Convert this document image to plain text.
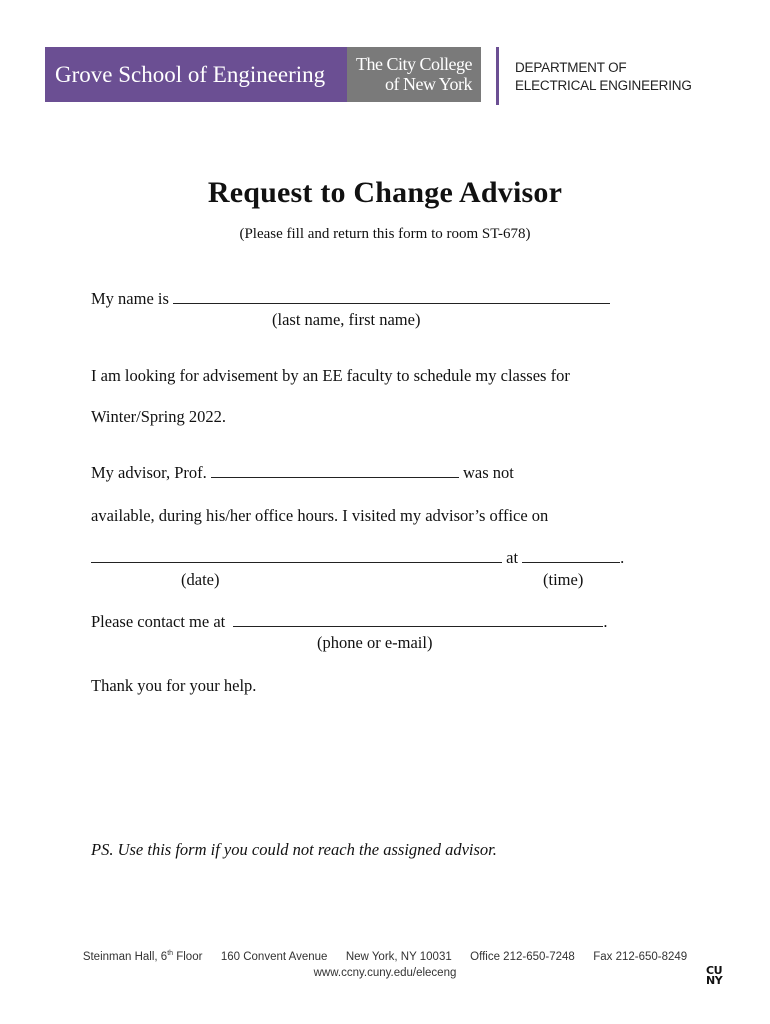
Grove School of Engineering	The City College
of New York
DEPARTMENT OF
ELECTRICAL ENGINEERING
Request to Change Advisor
(Please fill and return this form to room ST-678)
My name is
(last name, first name)
I am looking for advisement by an EE faculty to schedule my classes for
Winter/Spring 2022.
My advisor, Prof.	was not
available, during his/her office hours. I visited my advisor’s office on
at	.
(date)	(time)
Please contact me at	.
(phone or e-mail)
Thank you for your help.
PS. Use this form if you could not reach the assigned advisor.
Steinman Hall, 6th Floor 160 Convent Avenue New York, NY 10031 Office 212-650-7248 Fax 212-650-8249
www.ccny.cuny.edu/eleceng	CU
NY
